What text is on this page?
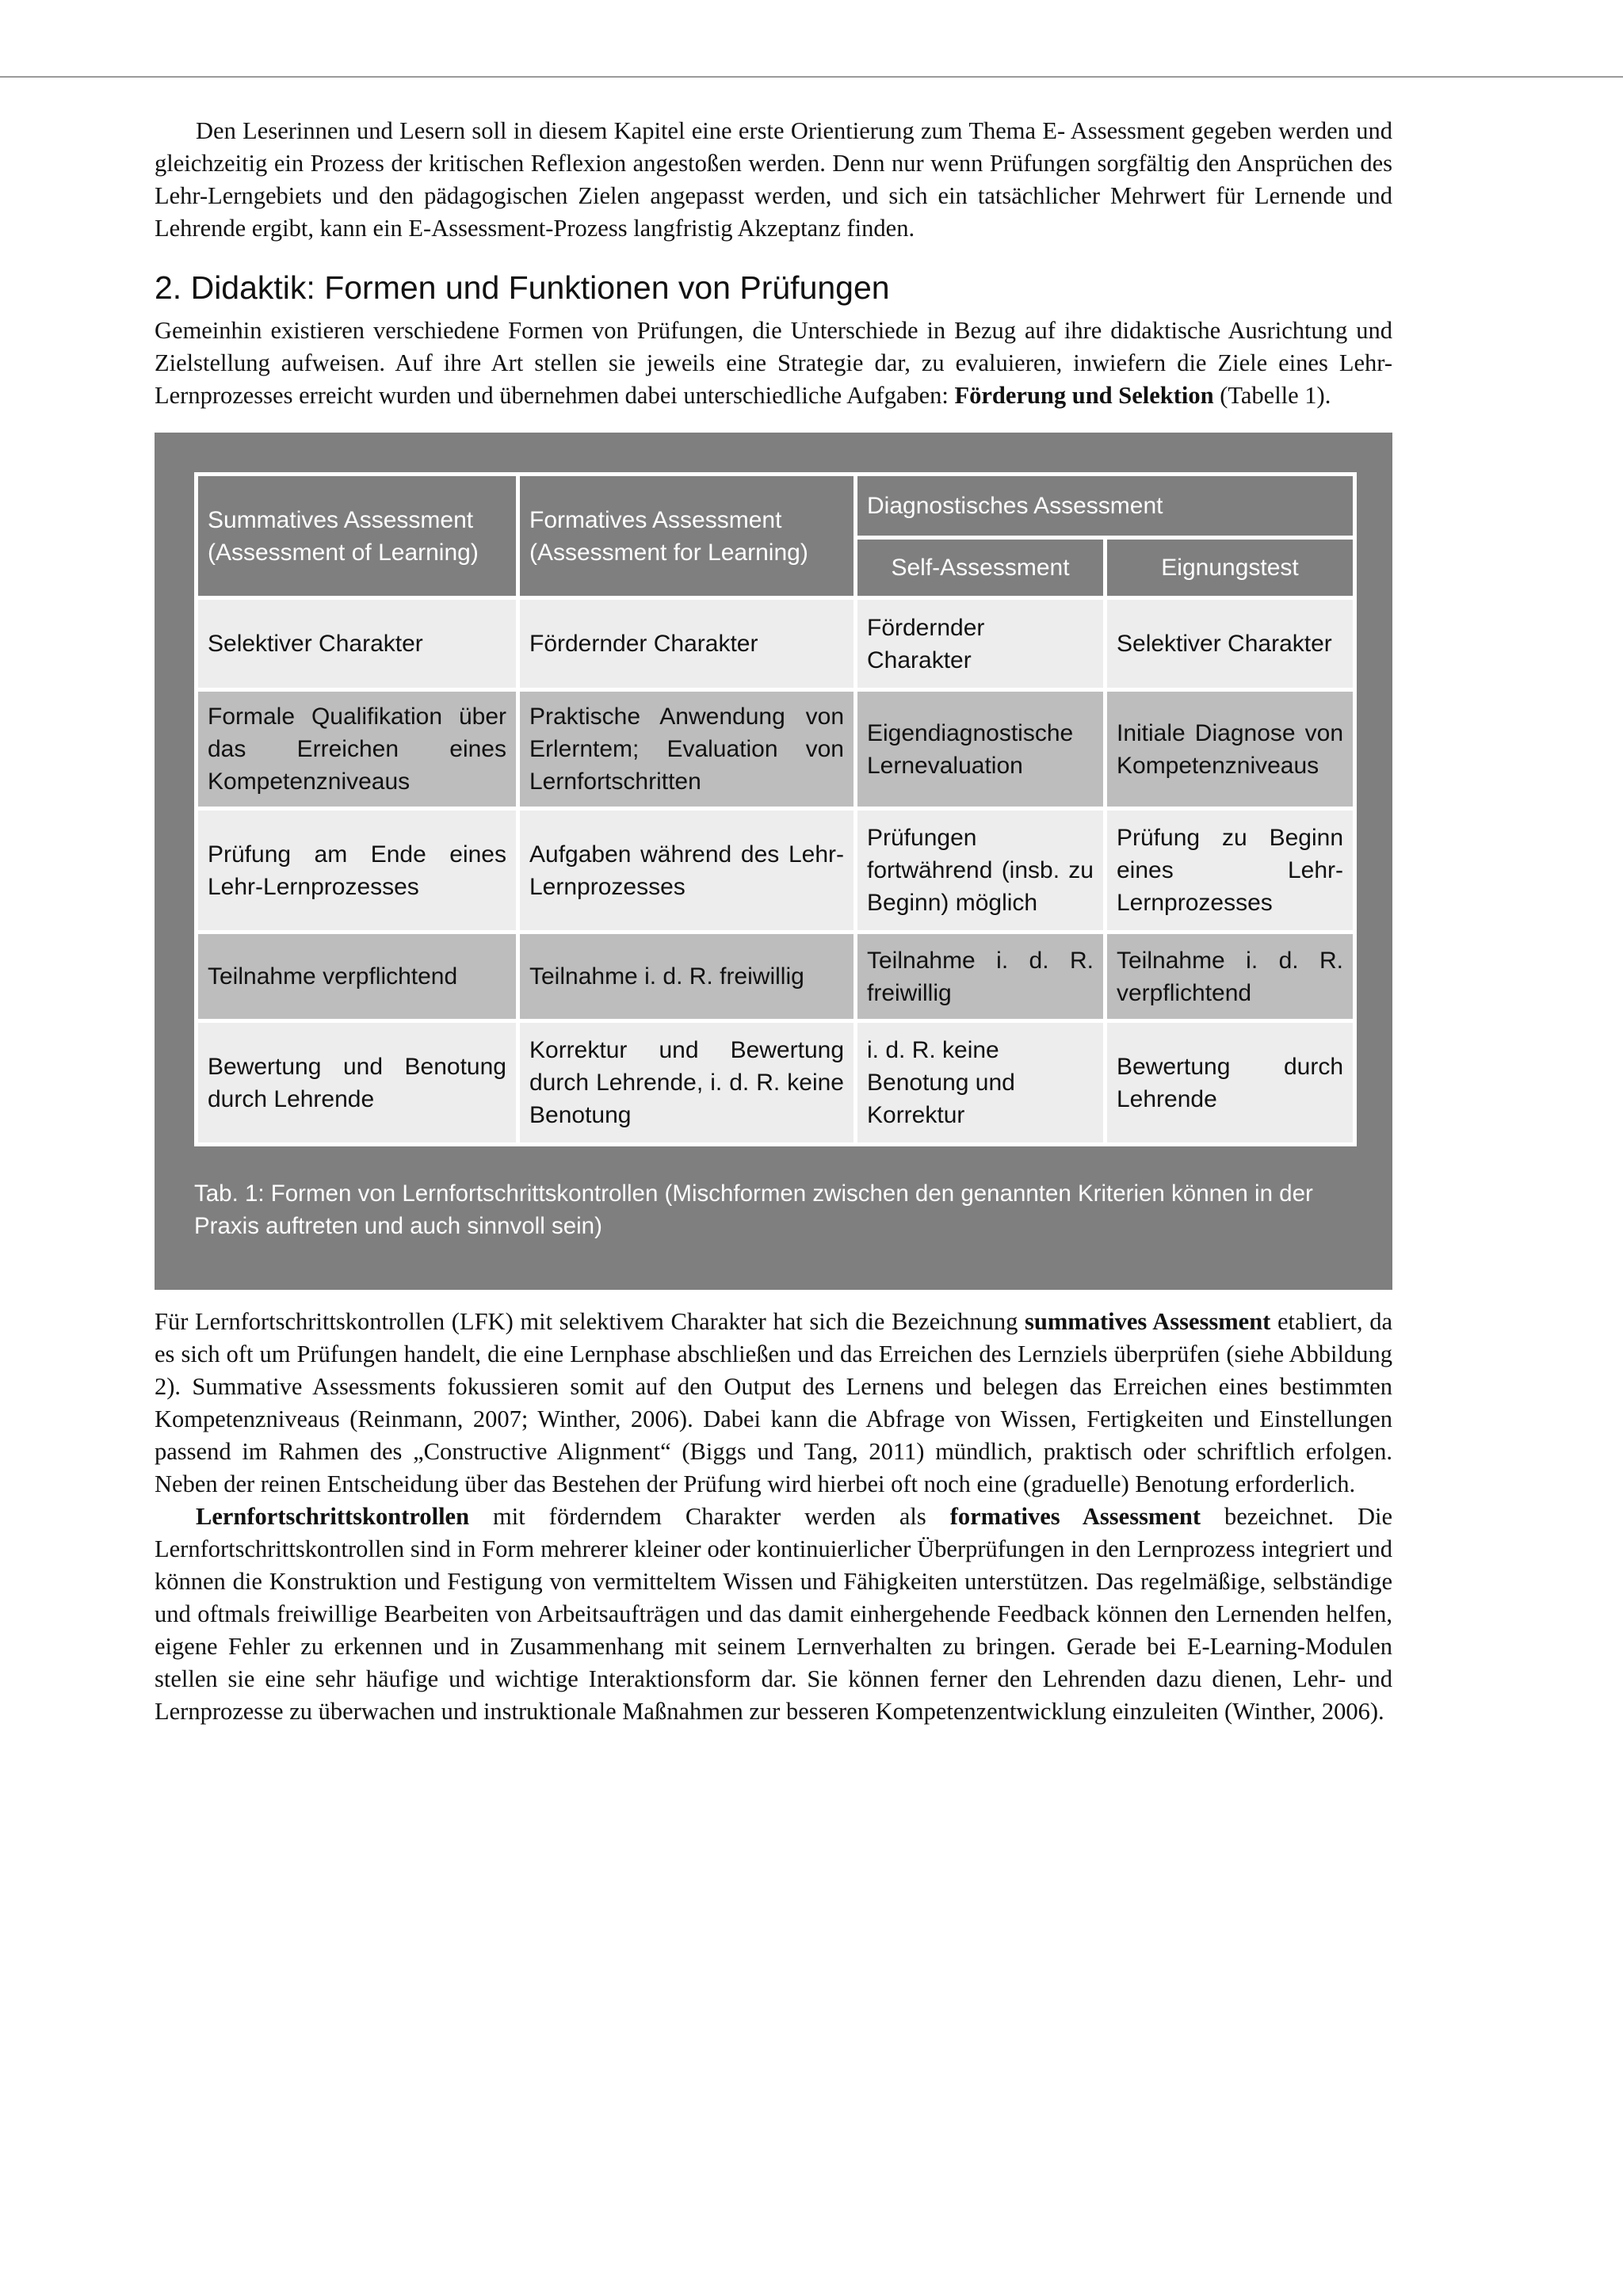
Den Leserinnen und Lesern soll in diesem Kapitel eine erste Orientierung zum Thema E- Assessment gegeben werden und gleichzeitig ein Prozess der kritischen Reflexion angestoßen werden. Denn nur wenn Prüfungen sorgfältig den Ansprüchen des Lehr-Lerngebiets und den pädagogischen Zielen angepasst werden, und sich ein tatsächlicher Mehrwert für Lernende und Lehrende ergibt, kann ein E-Assessment-Prozess langfristig Akzeptanz finden.

2. Didaktik: Formen und Funktionen von Prüfungen

Gemeinhin existieren verschiedene Formen von Prüfungen, die Unterschiede in Bezug auf ihre didaktische Ausrichtung und Zielstellung aufweisen. Auf ihre Art stellen sie jeweils eine Strategie dar, zu evaluieren, inwiefern die Ziele eines Lehr-Lernprozesses erreicht wurden und übernehmen dabei unterschiedliche Aufgaben: Förderung und Selektion (Tabelle 1).

Summatives Assessment (Assessment of Learning)	Formatives Assessment (Assessment for Learning)	Diagnostisches Assessment	
		Self-Assessment	Eignungstest
Selektiver Charakter	Fördernder Charakter	Fördernder Charakter	Selektiver Charakter
Formale Qualifikation über das Erreichen eines Kompetenzniveaus	Praktische Anwendung von Erlerntem; Evaluation von Lernfortschritten	Eigendiagnostische Lernevaluation	Initiale Diagnose von Kompetenzniveaus
Prüfung am Ende eines Lehr-Lernprozesses	Aufgaben während des Lehr-Lernprozesses	Prüfungen fortwährend (insb. zu Beginn) möglich	Prüfung zu Beginn eines Lehr-Lernprozesses
Teilnahme verpflichtend	Teilnahme i. d. R. freiwillig	Teilnahme i. d. R. freiwillig	Teilnahme i. d. R. verpflichtend
Bewertung und Benotung durch Lehrende	Korrektur und Bewertung durch Lehrende, i. d. R. keine Benotung	i. d. R. keine Benotung und Korrektur	Bewertung durch Lehrende
Tab. 1: Formen von Lernfortschrittskontrollen (Mischformen zwischen den genannten Kriterien können in der Praxis auftreten und auch sinnvoll sein)

Für Lernfortschrittskontrollen (LFK) mit selektivem Charakter hat sich die Bezeichnung summatives Assessment etabliert, da es sich oft um Prüfungen handelt, die eine Lernphase abschließen und das Erreichen des Lernziels überprüfen (siehe Abbildung 2). Summative Assessments fokussieren somit auf den Output des Lernens und belegen das Erreichen eines bestimmten Kompetenzniveaus (Reinmann, 2007; Winther, 2006). Dabei kann die Abfrage von Wissen, Fertigkeiten und Einstellungen passend im Rahmen des „Constructive Alignment“ (Biggs und Tang, 2011) mündlich, praktisch oder schriftlich erfolgen. Neben der reinen Entscheidung über das Bestehen der Prüfung wird hierbei oft noch eine (graduelle) Benotung erforderlich.

Lernfortschrittskontrollen mit förderndem Charakter werden als formatives Assessment bezeichnet. Die Lernfortschrittskontrollen sind in Form mehrerer kleiner oder kontinuierlicher Überprüfungen in den Lernprozess integriert und können die Konstruktion und Festigung von vermitteltem Wissen und Fähigkeiten unterstützen. Das regelmäßige, selbständige und oftmals freiwillige Bearbeiten von Arbeitsaufträgen und das damit einhergehende Feedback können den Lernenden helfen, eigene Fehler zu erkennen und in Zusammenhang mit seinem Lernverhalten zu bringen. Gerade bei E-Learning-Modulen stellen sie eine sehr häufige und wichtige Interaktionsform dar. Sie können ferner den Lehrenden dazu dienen, Lehr- und Lernprozesse zu überwachen und instruktionale Maßnahmen zur besseren Kompetenzentwicklung einzuleiten (Winther, 2006).
